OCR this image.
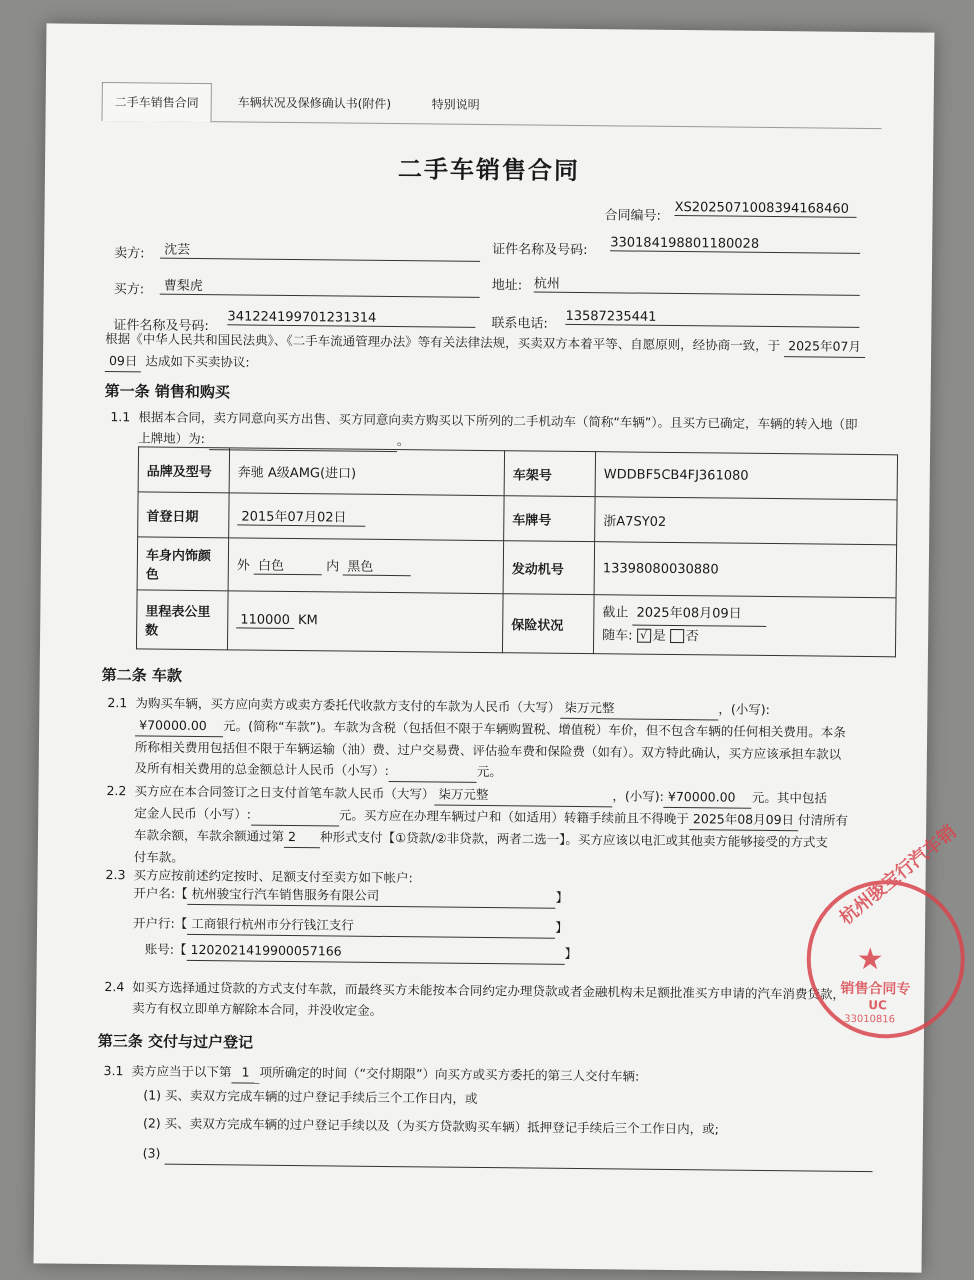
二手车销售合同	车辆状况及保修确认书(附件)	特别说明
二手车销售合同
合同编号: XS2025071008394168460
卖方:	沈芸	证件名称及号码: 330184198801180028
买方:	曹梨虎	地址: 杭州
证件名称及号码:
341224199701231314	联系电话: 13587235441
根据《中华人民共和国民法典》、《二手车流通管理办法》等有关法律法规，买卖双方本着平等、自愿原则，经协商一致，于 2025年07月
09日 达成如下买卖协议:
第一条 销售和购买
1.1 根据本合同，卖方同意向买方出售、买方同意向卖方购买以下所列的二手机动车（简称“车辆”）。且买方已确定，车辆的转入地（即
上牌地）为:	。
品牌及型号	奔驰 A级AMG(进口)	车架号	WDDBF5CB4FJ361080
首登日期	2015年07月02日	车牌号	浙A7SY02
车身内饰颜色	外 白色 内 黑色	发动机号	13398080030880
里程表公里数	110000 KM	保险状况	截止 2025年08月09日
随车: √ 是 否
第二条 车款
2.1 为购买车辆，买方应向卖方或卖方委托代收款方支付的车款为人民币（大写） 柒万元整	，(小写):
¥70000.00 元。(简称“车款”)。车款为含税（包括但不限于车辆购置税、增值税）车价，但不包含车辆的任何相关费用。本条
所称相关费用包括但不限于车辆运输（油）费、过户交易费、评估验车费和保险费（如有）。双方特此确认，买方应该承担车款以
及所有相关费用的总金额总计人民币（小写）:	元。
2.2 买方应在本合同签订之日支付首笔车款人民币（大写） 柒万元整	，(小写): ¥70000.00 元。其中包括
定金人民币（小写）:	元。买方应在办理车辆过户和（如适用）转籍手续前且不得晚于 2025年08月09日 付清所有
车款余额，车款余额通过第 2 种形式支付【①贷款/②非贷款，两者二选一】。买方应该以电汇或其他卖方能够接受的方式支
付车款。
2.3 买方应按前述约定按时、足额支付至卖方如下帐户:
开户名:【 杭州骏宝行汽车销售服务有限公司	】
开户行:【 工商银行杭州市分行钱江支行	】
账号:【 1202021419900057166	】
2.4 如买方选择通过贷款的方式支付车款，而最终买方未能按本合同约定办理贷款或者金融机构未足额批准买方申请的汽车消费贷款，
卖方有权立即单方解除本合同，并没收定金。
第三条 交付与过户登记
3.1 卖方应当于以下第 1 项所确定的时间（“交付期限”）向买方或买方委托的第三人交付车辆:
(1) 买、卖双方完成车辆的过户登记手续后三个工作日内，或
(2) 买、卖双方完成车辆的过户登记手续以及（为买方贷款购买车辆）抵押登记手续后三个工作日内，或;
(3)
杭州骏宝行汽车销
★
销售合同专
UC
33010816
